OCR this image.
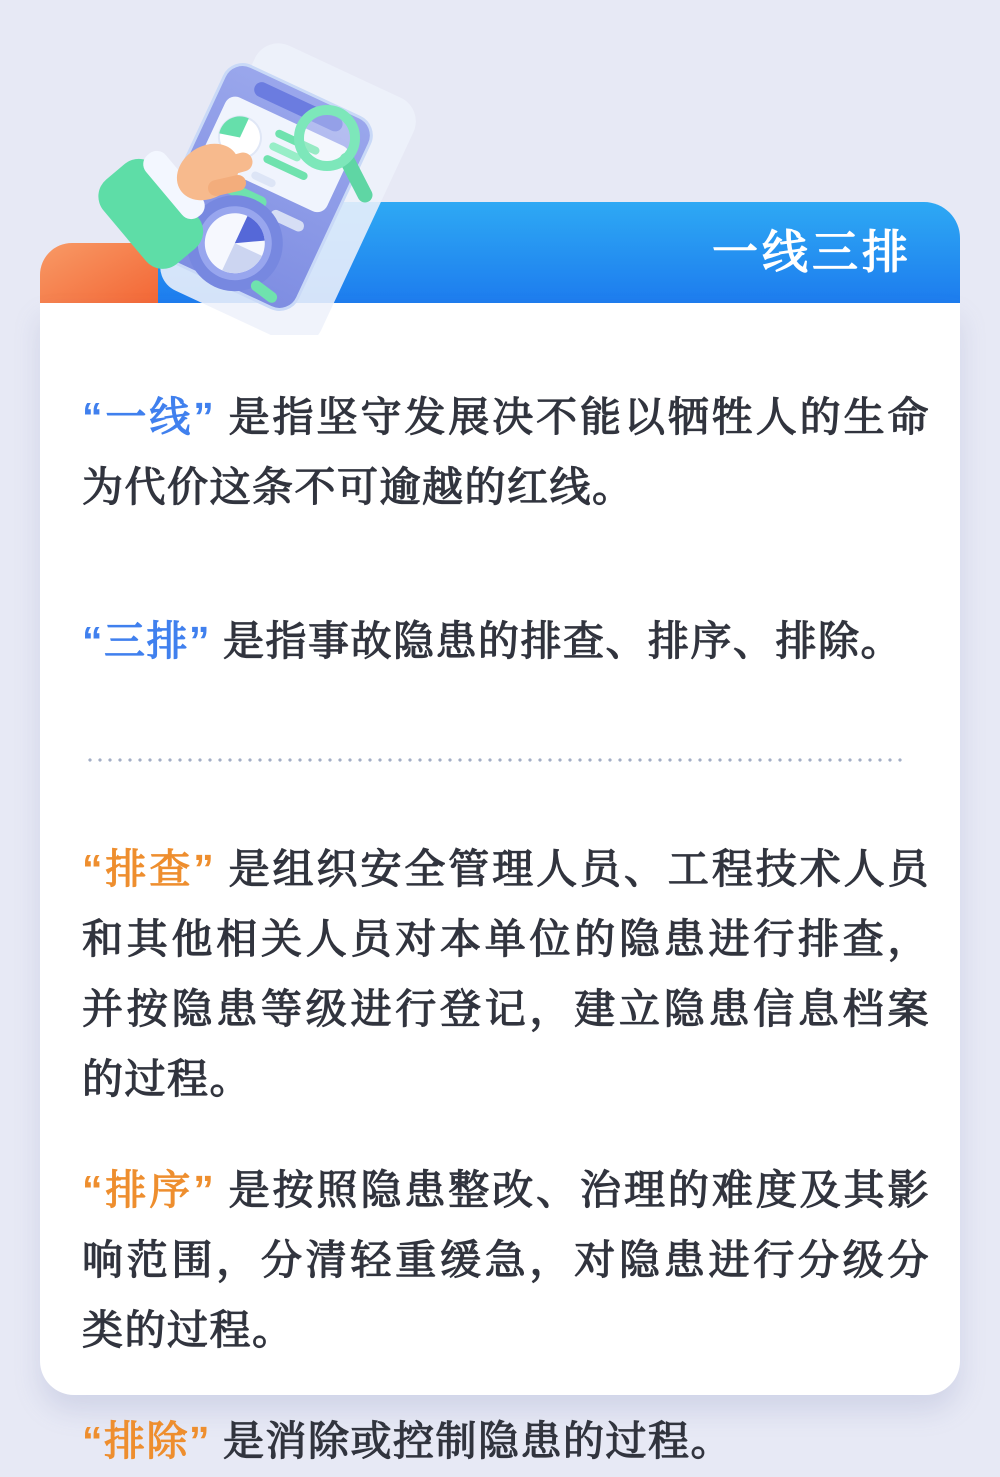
一线三排

“一线” 是指坚守发展决不能以牺牲人的生命为代价这条不可逾越的红线。

“三排” 是指事故隐患的排查、排序、排除。

“排查” 是组织安全管理人员、工程技术人员和其他相关人员对本单位的隐患进行排查，并按隐患等级进行登记，建立隐患信息档案的过程。

“排序” 是按照隐患整改、治理的难度及其影响范围，分清轻重缓急，对隐患进行分级分类的过程。

“排除” 是消除或控制隐患的过程。
